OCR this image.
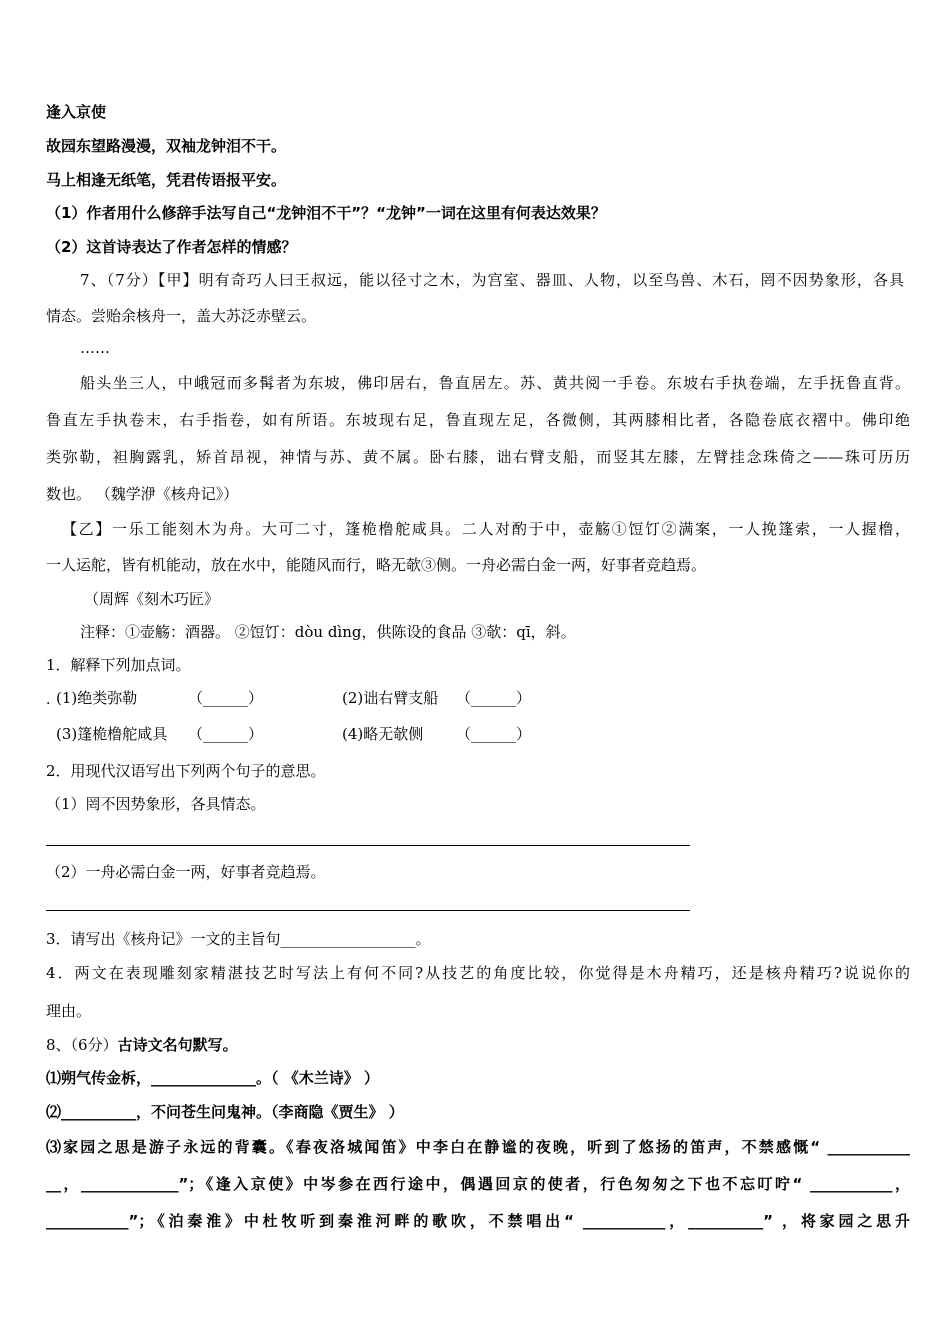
逢入京使
故园东望路漫漫，双袖龙钟泪不干。
马上相逢无纸笔，凭君传语报平安。
（1）作者用什么修辞手法写自己“龙钟泪不干”？“龙钟”一词在这里有何表达效果？
（2）这首诗表达了作者怎样的情感？
7、（7分）【甲】明有奇巧人曰王叔远，能以径寸之木，为宫室、器皿、人物，以至鸟兽、木石，罔不因势象形，各具
情态。尝贻余核舟一，盖大苏泛赤壁云。
……
船头坐三人，中峨冠而多髯者为东坡，佛印居右，鲁直居左。苏、黄共阅一手卷。东坡右手执卷端，左手抚鲁直背。
鲁直左手执卷末，右手指卷，如有所语。东坡现右足，鲁直现左足，各微侧，其两膝相比者，各隐卷底衣褶中。佛印绝
类弥勒，袒胸露乳，矫首昂视，神情与苏、黄不属。卧右膝，诎右臂支船，而竖其左膝，左臂挂念珠倚之——珠可历历
数也。 （魏学洢《核舟记》）
【乙】一乐工能刻木为舟。大可二寸，篷桅橹舵咸具。二人对酌于中，壶觞①饾饤②满案，一人挽篷索，一人握橹，
一人运舵，皆有机能动，放在水中，能随风而行，略无欹③侧。一舟必需白金一两，好事者竞趋焉。
（周辉《刻木巧匠》
注释：①壶觞：酒器。 ②饾饤：dòu dìng，供陈设的食品 ③欹：qī，斜。
1．解释下列加点词。
. (1)绝类弥勒	（______）	(2)诎右臂支船 （______）
(3)篷桅橹舵咸具 （______）	(4)略无欹侧 （______）
2．用现代汉语写出下列两个句子的意思。
（1）罔不因势象形，各具情态。
（2）一舟必需白金一两，好事者竞趋焉。
3．请写出《核舟记》一文的主旨句__________________。
4．两文在表现雕刻家精湛技艺时写法上有何不同?从技艺的角度比较，你觉得是木舟精巧，还是核舟精巧?说说你的
理由。
8、（6分）古诗文名句默写。
⑴朔气传金柝，______________。（ 《木兰诗》 ）
⑵__________，不问苍生问鬼神。（李商隐《贾生》 ）
⑶家园之思是游子永远的背囊。《春夜洛城闻笛》中李白在静谧的夜晚，听到了悠扬的笛声，不禁感慨“ ___________
__，_____________”；《逢入京使》中岑参在西行途中，偶遇回京的使者，行色匆匆之下也不忘叮咛“ ___________，
___________”；《泊秦淮》中杜牧听到秦淮河畔的歌吹，不禁唱出“ ___________，__________” ，将家园之思升
